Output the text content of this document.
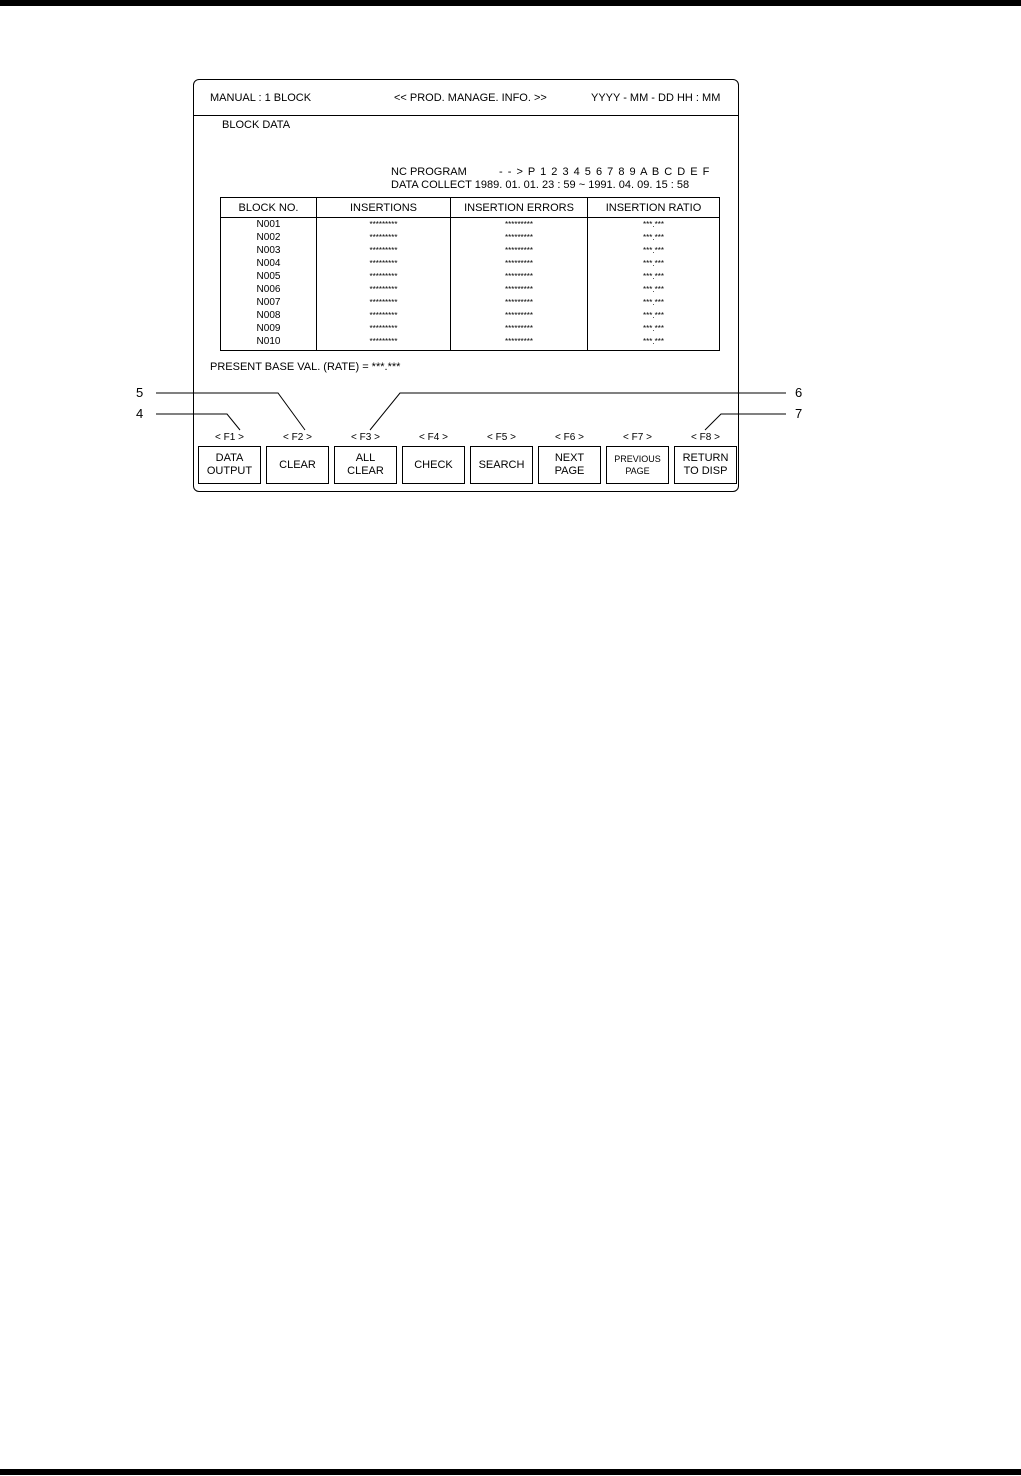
MANUAL : 1 BLOCK	<< PROD. MANAGE. INFO. >>	YYYY - MM - DD HH : MM
BLOCK DATA
NC PROGRAM	- - > P 1 2 3 4 5 6 7 8 9 A B C D E F
DATA COLLECT 1989. 01. 01. 23 : 59 ~ 1991. 04. 09. 15 : 58
BLOCK NO.	INSERTIONS	INSERTION ERRORS	INSERTION RATIO
N001	*********	*********	***.***
N002	*********	*********	***.***
N003	*********	*********	***.***
N004	*********	*********	***.***
N005	*********	*********	***.***
N006	*********	*********	***.***
N007	*********	*********	***.***
N008	*********	*********	***.***
N009	*********	*********	***.***
N010	*********	*********	***.***
PRESENT BASE VAL. (RATE) = ***.***
< F1 >
DATA
OUTPUT
< F2 >
CLEAR
< F3 >
ALL
CLEAR
< F4 >
CHECK
< F5 >
SEARCH
< F6 >
NEXT
PAGE
< F7 >
PREVIOUS
PAGE
< F8 >
RETURN
TO DISP
4
5	6
7
